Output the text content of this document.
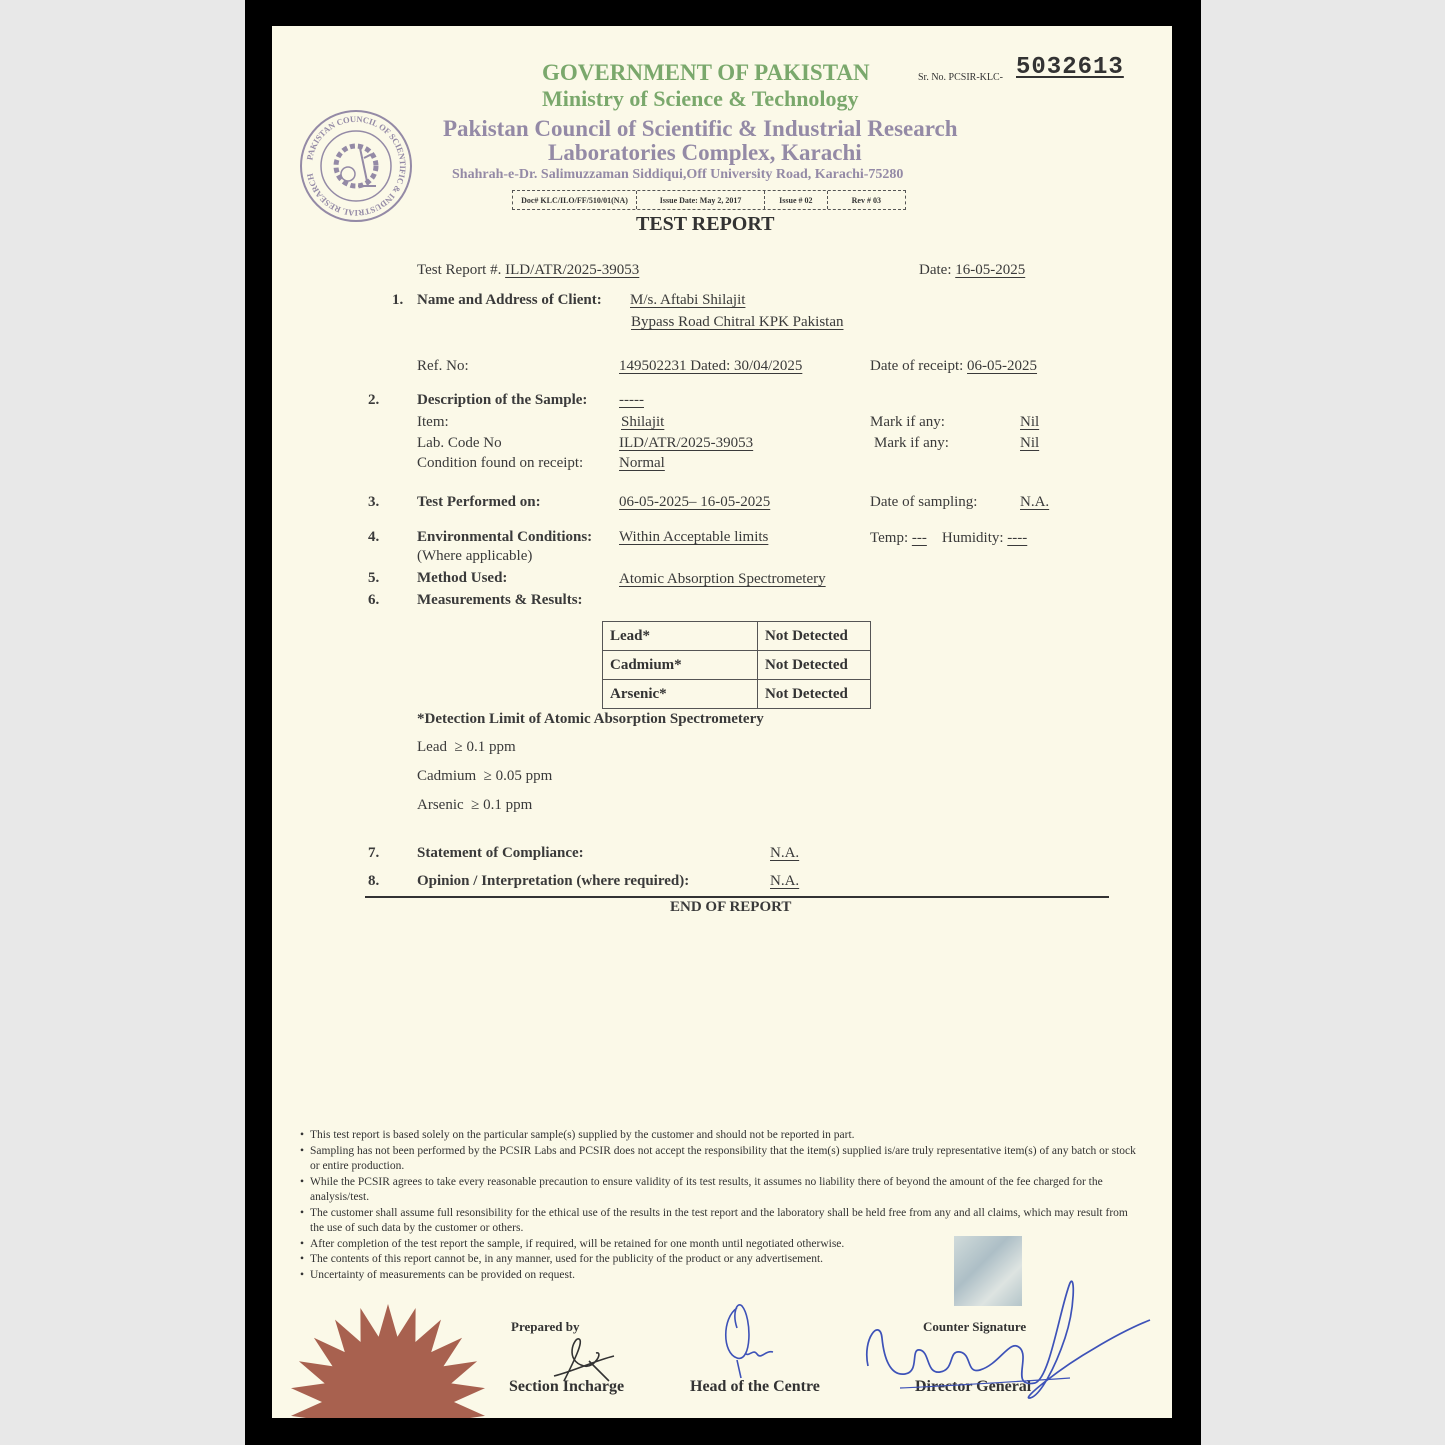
PAKISTAN COUNCIL OF SCIENTIFIC & INDUSTRIAL RESEARCH
GOVERNMENT OF PAKISTAN
Ministry of Science & Technology
Pakistan Council of Scientific & Industrial Research
Laboratories Complex, Karachi
Shahrah-e-Dr. Salimuzzaman Siddiqui,Off University Road, Karachi-75280
Sr. No. PCSIR-KLC- 5032613
Doc# KLC/ILO/FF/510/01(NA)	Issue Date: May 2, 2017	Issue # 02	Rev # 03
TEST REPORT
Test Report #. ILD/ATR/2025-39053	Date: 16-05-2025
1. Name and Address of Client: M/s. Aftabi Shilajit
Bypass Road Chitral KPK Pakistan
Ref. No:	149502231 Dated: 30/04/2025	Date of receipt: 06-05-2025
2.	Description of the Sample: -----
Item:	Shilajit	Mark if any:	Nil
Lab. Code No	ILD/ATR/2025-39053	Mark if any:	Nil
Condition found on receipt: Normal
3.	Test Performed on:	06-05-2025– 16-05-2025	Date of sampling:	N.A.
4.	Environmental Conditions:
(Where applicable)
Within Acceptable limits	Temp: --- Humidity: ----
5.	Method Used:	Atomic Absorption Spectrometery
6.	Measurements & Results:
Lead*	Not Detected
Cadmium*	Not Detected
Arsenic*	Not Detected
*Detection Limit of Atomic Absorption Spectrometery
Lead ≥ 0.1 ppm
Cadmium ≥ 0.05 ppm
Arsenic ≥ 0.1 ppm
7.	Statement of Compliance:	N.A.
8.	Opinion / Interpretation (where required):	N.A.
END OF REPORT
• This test report is based solely on the particular sample(s) supplied by the customer and should not be reported in part.
• Sampling has not been performed by the PCSIR Labs and PCSIR does not accept the responsibility that the item(s) supplied is/are truly representative item(s) of any batch or stock or entire production.
• While the PCSIR agrees to take every reasonable precaution to ensure validity of its test results, it assumes no liability there of beyond the amount of the fee charged for the analysis/test.
• The customer shall assume full resonsibility for the ethical use of the results in the test report and the laboratory shall be held free from any and all claims, which may result from the use of such data by the customer or others.
• After completion of the test report the sample, if required, will be retained for one month until negotiated otherwise.
• The contents of this report cannot be, in any manner, used for the publicity of the product or any advertisement.
• Uncertainty of measurements can be provided on request.
Prepared by
Section Incharge	Head of the Centre
Counter Signature
Director General
